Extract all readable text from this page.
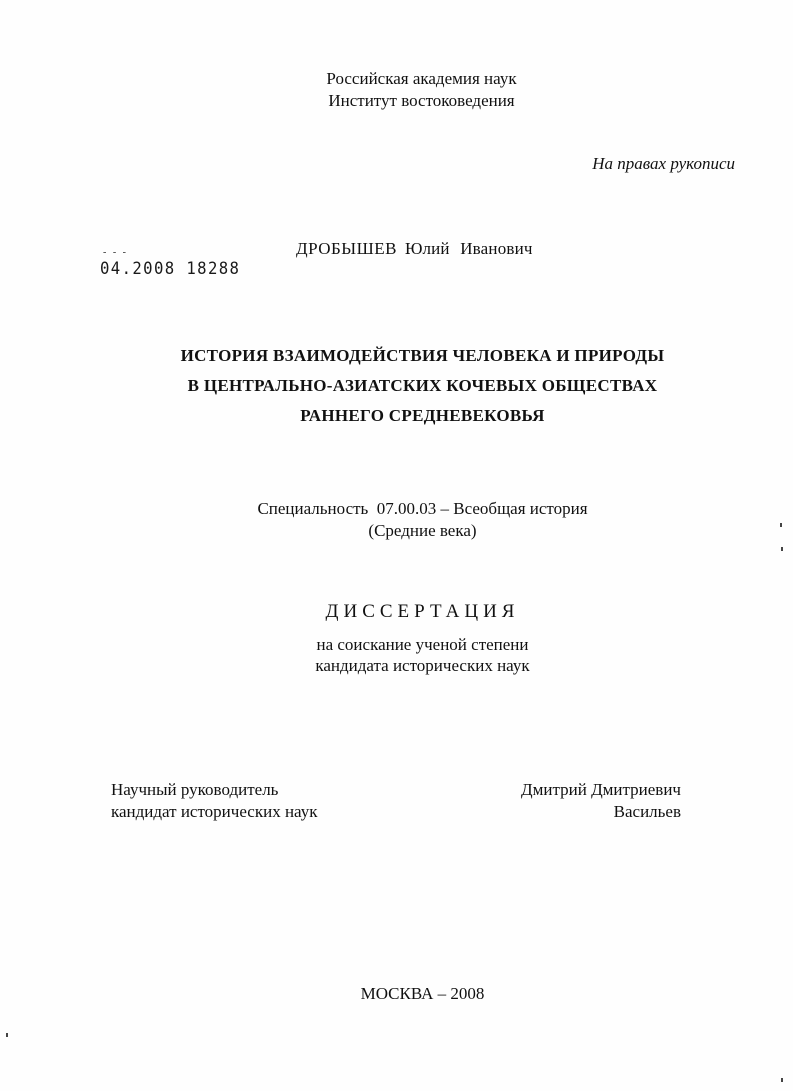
Российская академия наук
Институт востоковедения
На правах рукописи
- - -
04.2008 18288
ДРОБЫШЕВ Юлий Иванович
ИСТОРИЯ ВЗАИМОДЕЙСТВИЯ ЧЕЛОВЕКА И ПРИРОДЫ
В ЦЕНТРАЛЬНО-АЗИАТСКИХ КОЧЕВЫХ ОБЩЕСТВАХ
РАННЕГО СРЕДНЕВЕКОВЬЯ
Специальность  07.00.03 – Всеобщая история
(Средние века)
ДИССЕРТАЦИЯ
на соискание ученой степени
кандидата исторических наук
Научный руководитель
кандидат исторических наук
Дмитрий Дмитриевич
Васильев
МОСКВА – 2008
